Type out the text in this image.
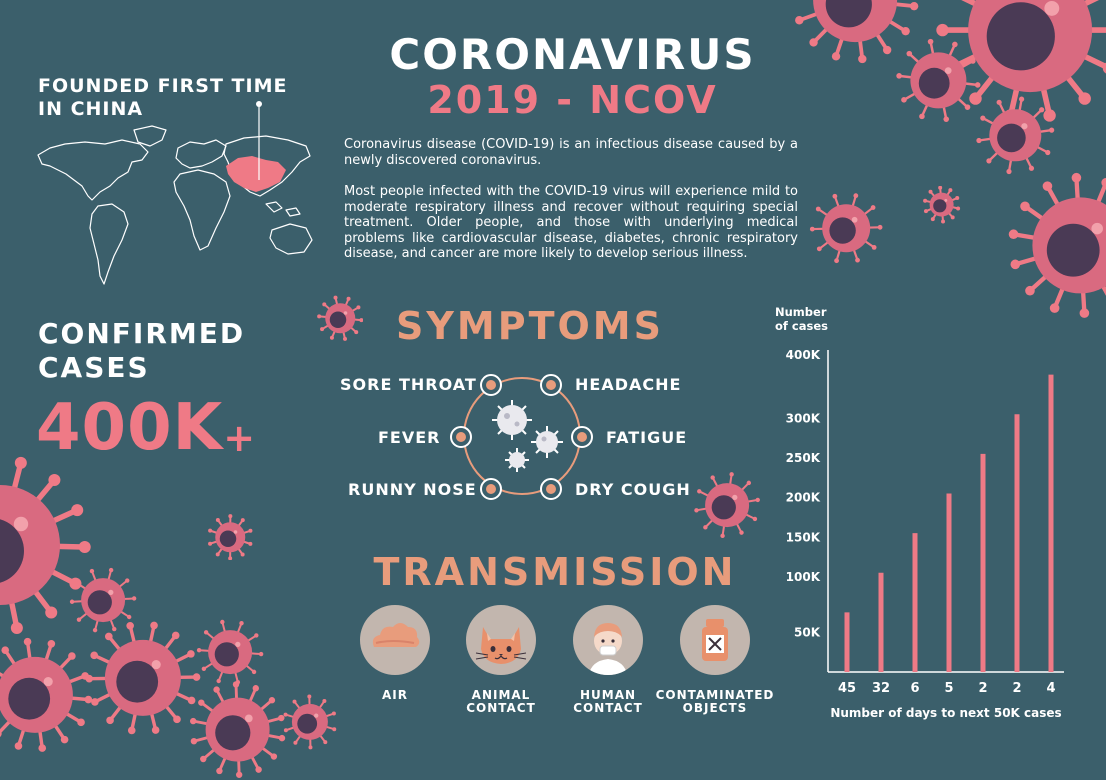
CORONAVIRUS
2019 - NCOV

Coronavirus disease (COVID-19) is an infectious disease caused by a newly discovered coronavirus.

Most people infected with the COVID-19 virus will experience mild to moderate respiratory illness and recover without requiring special treatment. Older people, and those with underlying medical problems like cardiovascular disease, diabetes, chronic respiratory disease, and cancer are more likely to develop serious illness.

FOUNDED FIRST TIME
IN CHINA
CONFIRMED
CASES
400K+
SYMPTOMS
SORE THROAT	HEADACHE
FEVER	FATIGUE
RUNNY NOSE	DRY COUGH
TRANSMISSION
AIR	ANIMAL
CONTACT
HUMAN
CONTACT
CONTAMINATED
OBJECTS
Number
of cases
400K
300K
250K
200K
150K
100K
50K
45 32 6 5 2 2 4
Number of days to next 50K cases
